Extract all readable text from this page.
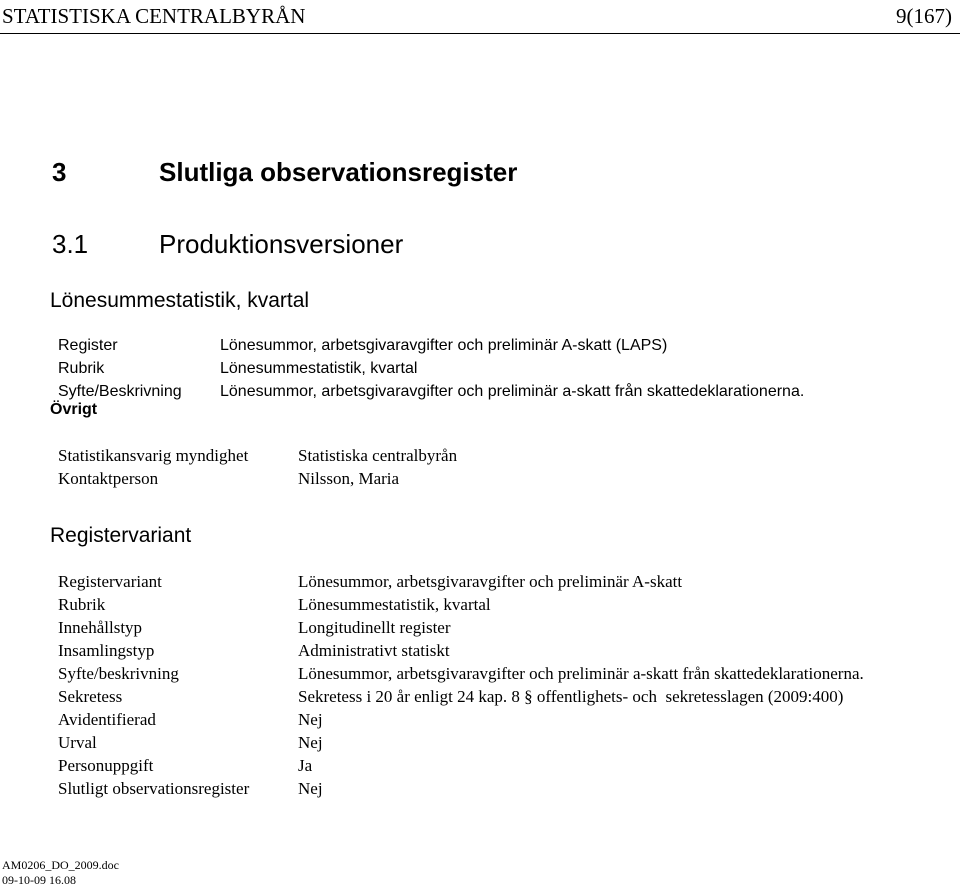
STATISTISKA CENTRALBYRÅN	9(167)
3	Slutliga observationsregister
3.1	Produktionsversioner
Lönesummestatistik, kvartal
Register	Lönesummor, arbetsgivaravgifter och preliminär A-skatt (LAPS)
Rubrik	Lönesummestatistik, kvartal
Syfte/Beskrivning Lönesummor, arbetsgivaravgifter och preliminär a-skatt från skattedeklarationerna.
Övrigt
Statistikansvarig myndighet	Statistiska centralbyrån
Kontaktperson	Nilsson, Maria
Registervariant
Registervariant	Lönesummor, arbetsgivaravgifter och preliminär A-skatt
Rubrik	Lönesummestatistik, kvartal
Innehållstyp	Longitudinellt register
Insamlingstyp	Administrativt statiskt
Syfte/beskrivning	Lönesummor, arbetsgivaravgifter och preliminär a-skatt från skattedeklarationerna.
Sekretess	Sekretess i 20 år enligt 24 kap. 8 § offentlighets- och  sekretesslagen (2009:400)
Avidentifierad	Nej
Urval	Nej
Personuppgift	Ja
Slutligt observationsregister	Nej
AM0206_DO_2009.doc
09-10-09 16.08
